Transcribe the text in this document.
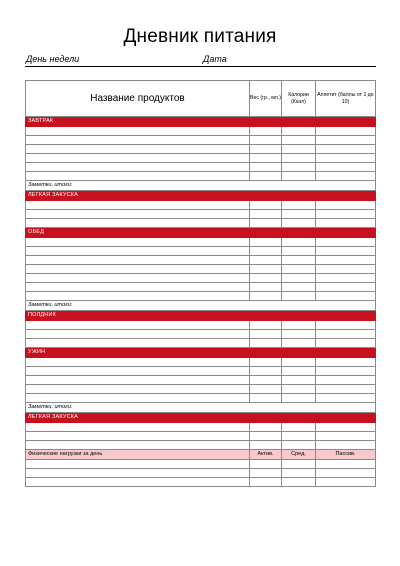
Дневник питания
День недели	Дата
Название продуктов	Вес (гр., мл.)	Калории (Ккал)	Аппетит (баллы от 1 до 10)
ЗАВТРАК			

Заметки, итоги:			
ЛЕГКАЯ ЗАКУСКА			

ОБЕД			

Заметки, итоги:			
ПОЛДНИК			

УЖИН			

Заметки, итоги:			
ЛЕГКАЯ ЗАКУСКА			

Физические нагрузки за день	Актив.	Сред.	Пассив.
